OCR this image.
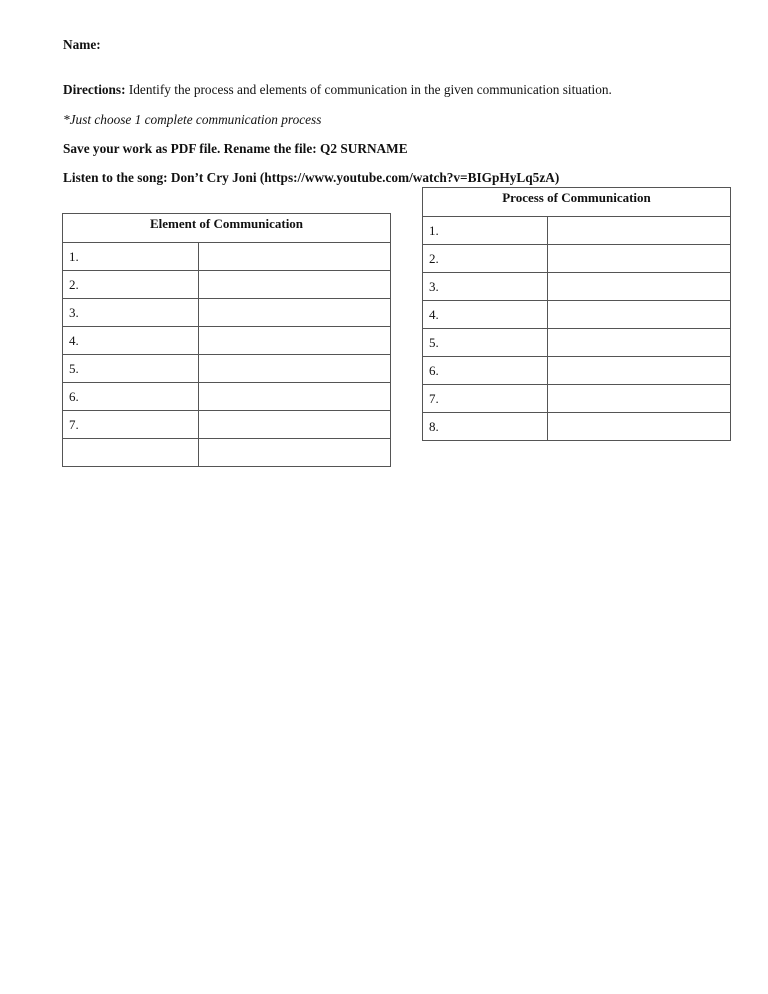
Name:
Directions: Identify the process and elements of communication in the given communication situation.
*Just choose 1 complete communication process
Save your work as PDF file. Rename the file: Q2 SURNAME
Listen to the song: Don’t Cry Joni (https://www.youtube.com/watch?v=BIGpHyLq5zA)
Element of Communication	
1.	
2.	
3.	
4.	
5.	
6.	
7.	

Process of Communication	
1.	
2.	
3.	
4.	
5.	
6.	
7.	
8.	
